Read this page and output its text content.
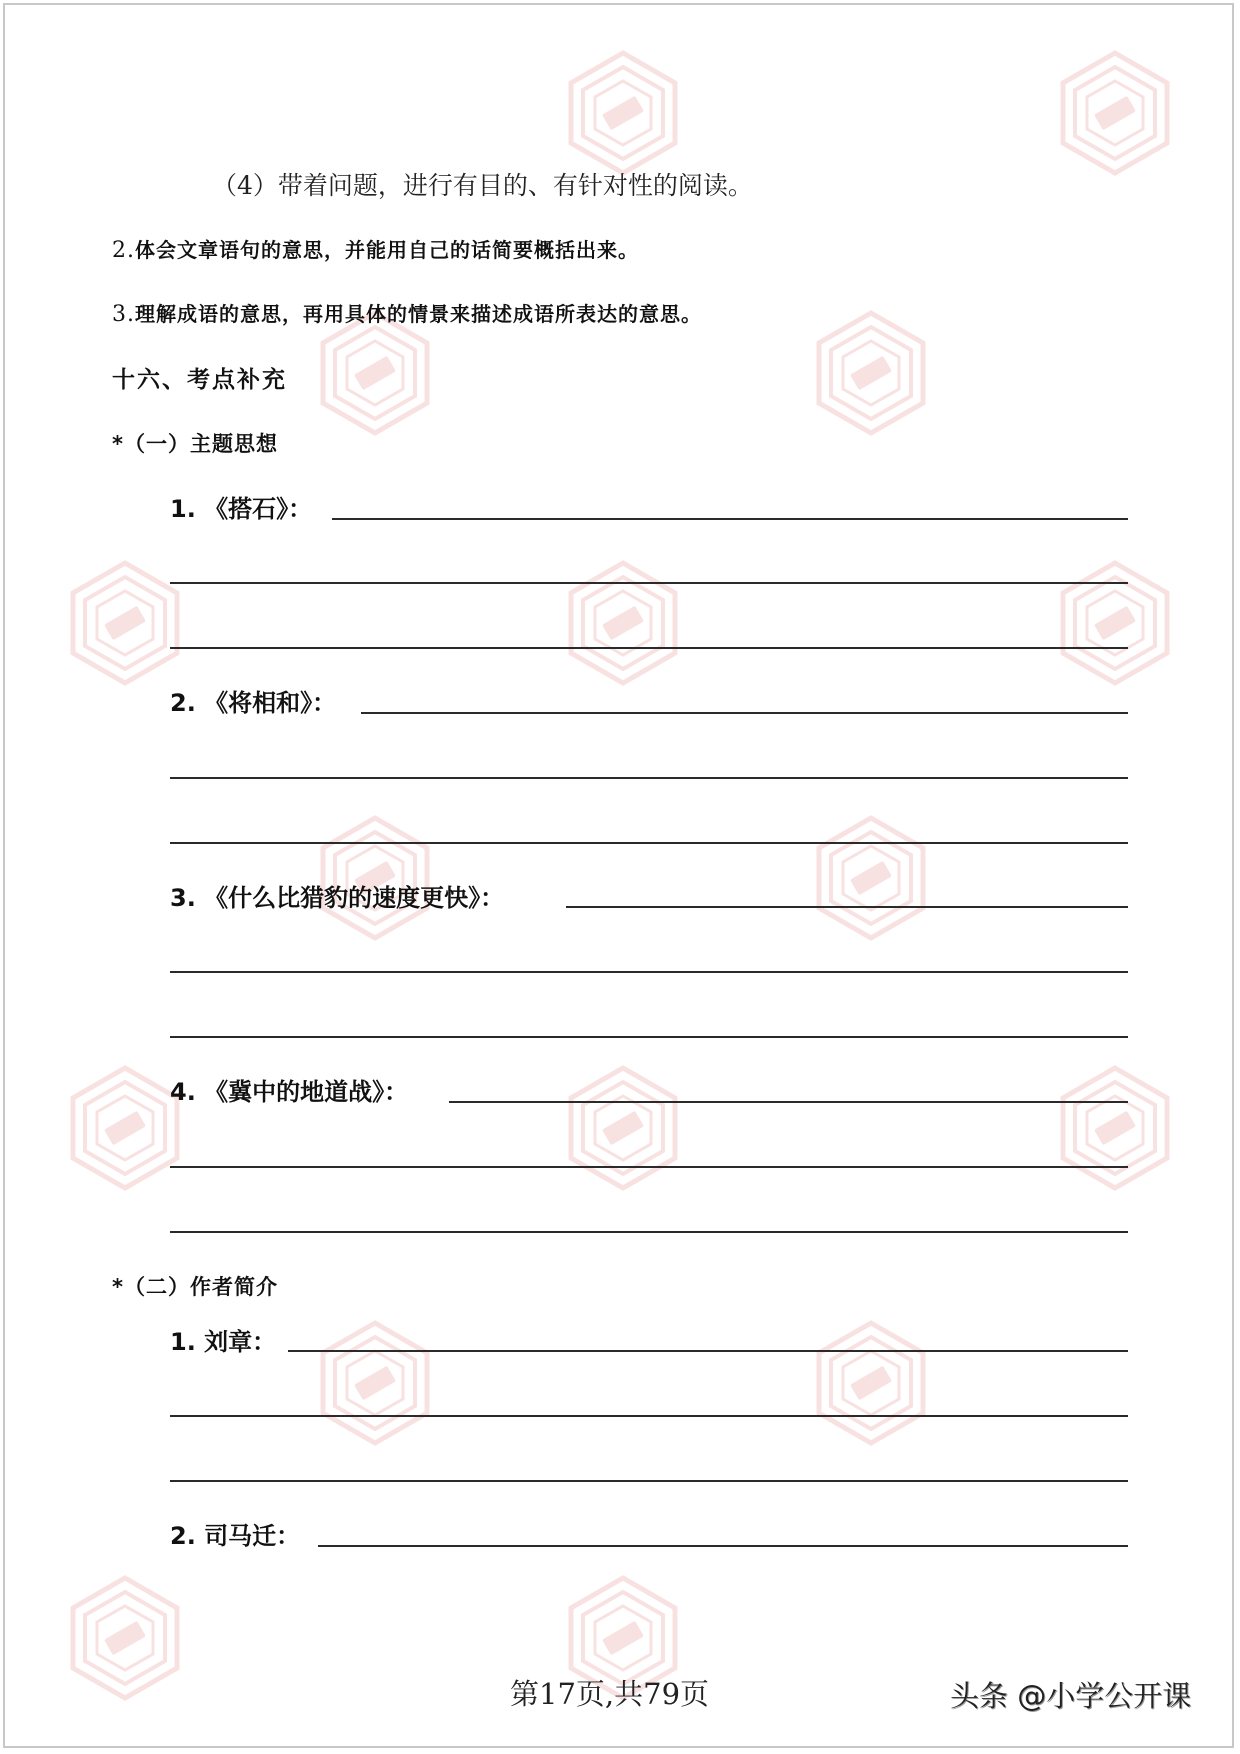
（4）带着问题，进行有目的、有针对性的阅读。
2.体会文章语句的意思，并能用自己的话简要概括出来。
3.理解成语的意思，再用具体的情景来描述成语所表达的意思。
十六、考点补充
*（一）主题思想
1. 《搭石》：
2. 《将相和》：
3. 《什么比猎豹的速度更快》：
4. 《冀中的地道战》：
*（二）作者简介
1. 刘章：
2. 司马迁：
第17页,共79页	头条 @小学公开课
